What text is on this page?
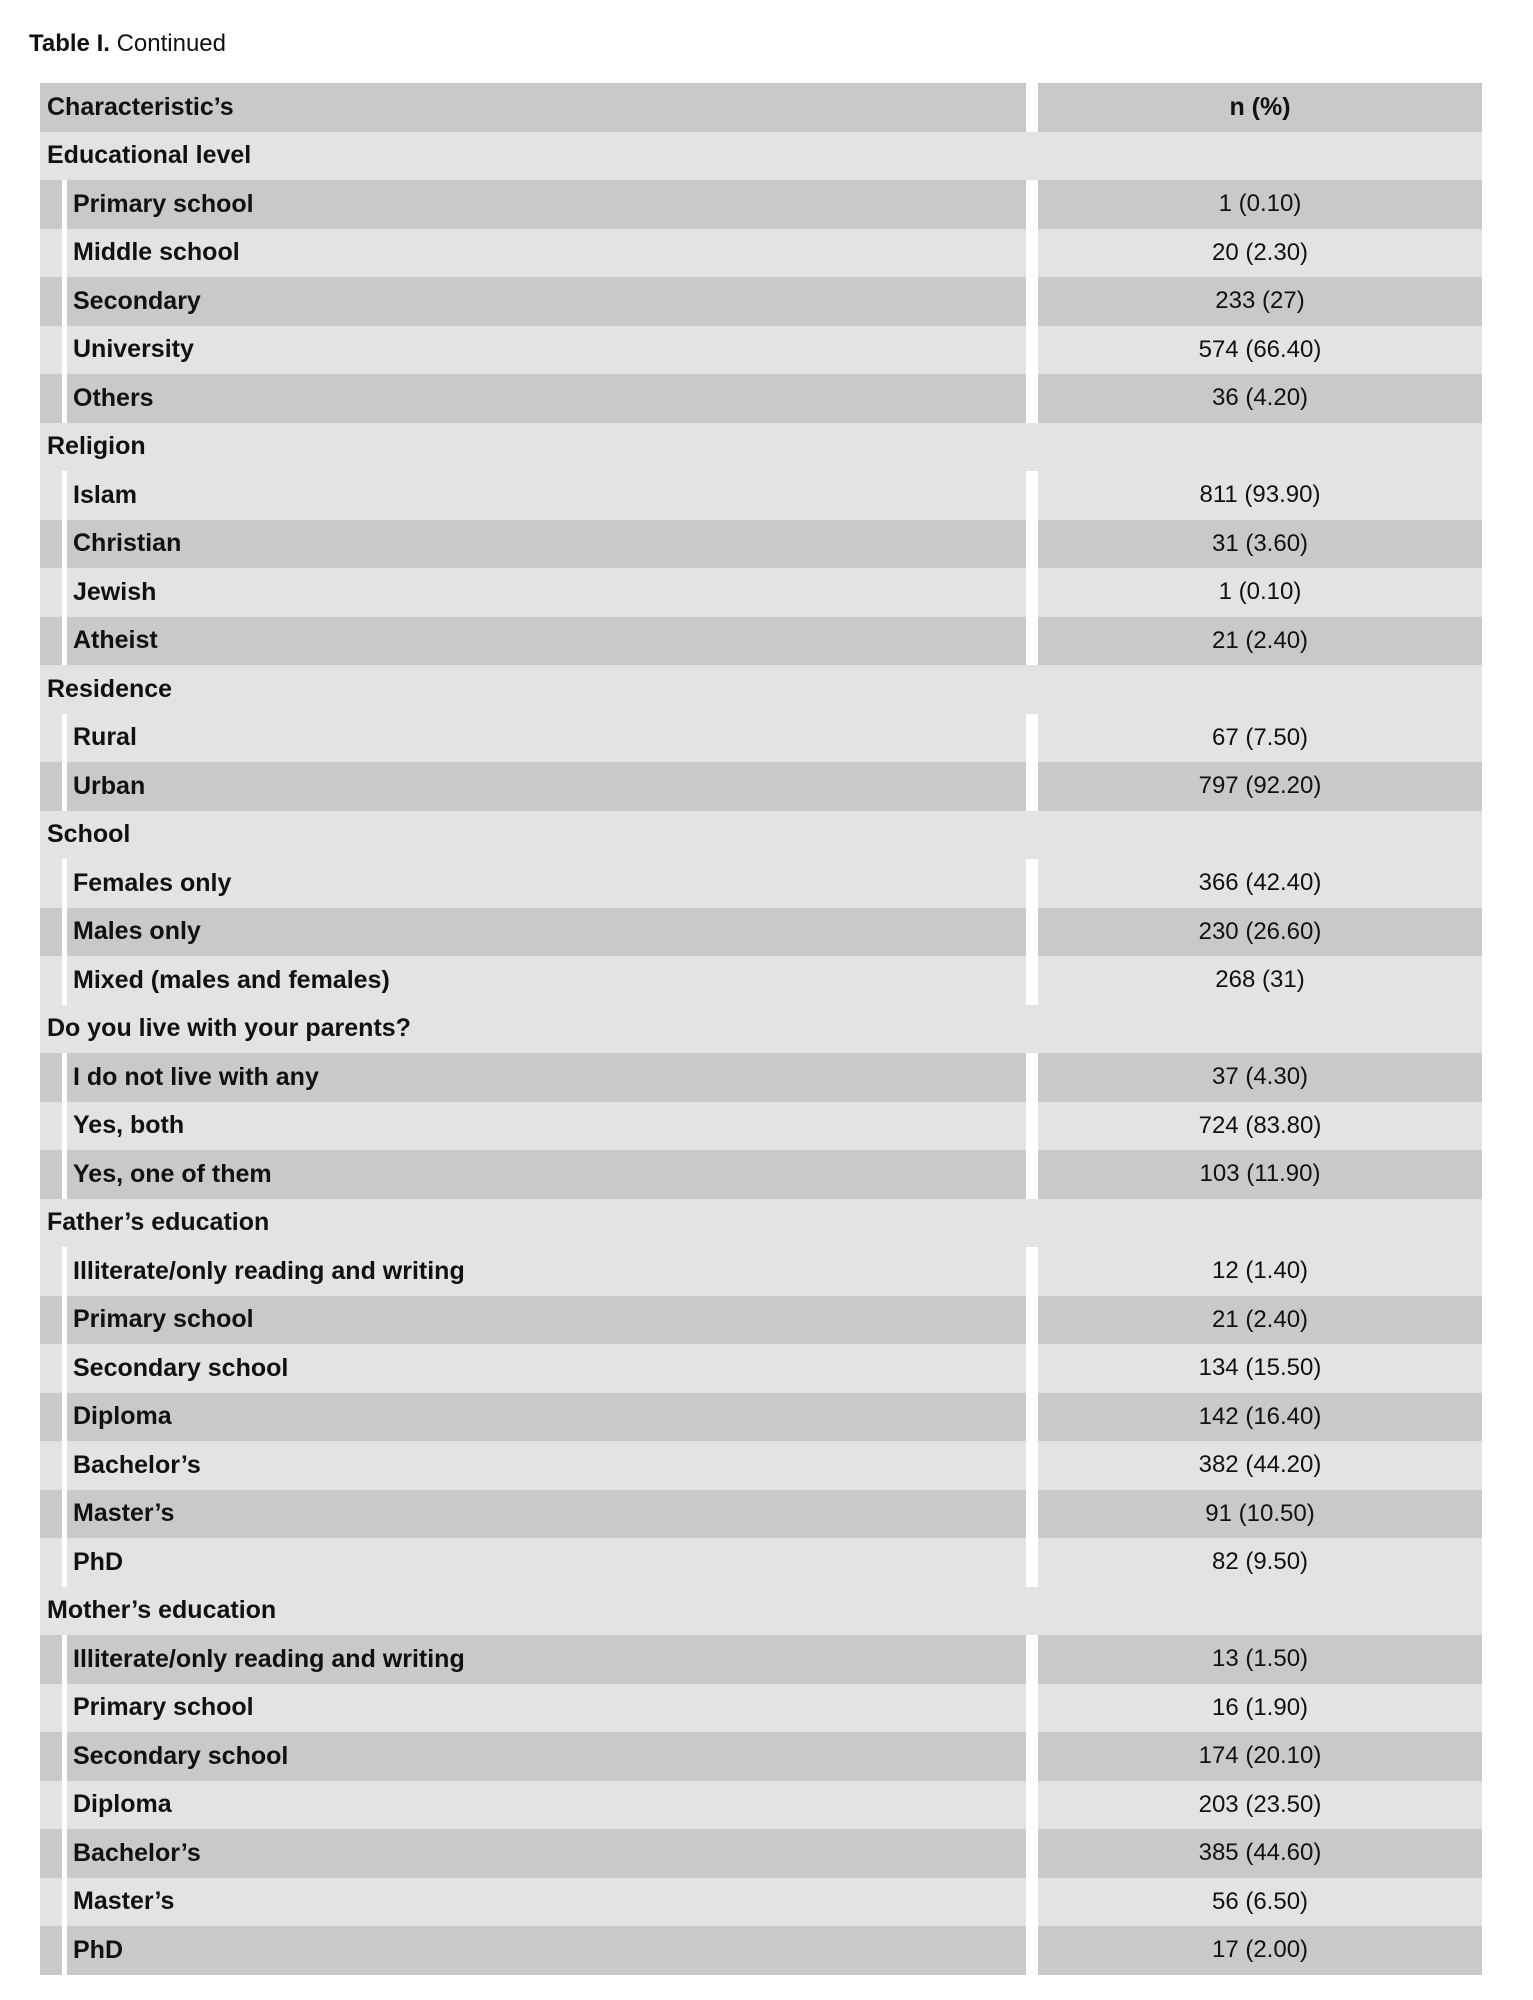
Table I. Continued
Characteristic’s	n (%)
Educational level
Primary school	1 (0.10)
Middle school	20 (2.30)
Secondary	233 (27)
University	574 (66.40)
Others	36 (4.20)
Religion
Islam	811 (93.90)
Christian	31 (3.60)
Jewish	1 (0.10)
Atheist	21 (2.40)
Residence
Rural	67 (7.50)
Urban	797 (92.20)
School
Females only	366 (42.40)
Males only	230 (26.60)
Mixed (males and females)	268 (31)
Do you live with your parents?
I do not live with any	37 (4.30)
Yes, both	724 (83.80)
Yes, one of them	103 (11.90)
Father’s education
Illiterate/only reading and writing	12 (1.40)
Primary school	21 (2.40)
Secondary school	134 (15.50)
Diploma	142 (16.40)
Bachelor’s	382 (44.20)
Master’s	91 (10.50)
PhD	82 (9.50)
Mother’s education
Illiterate/only reading and writing	13 (1.50)
Primary school	16 (1.90)
Secondary school	174 (20.10)
Diploma	203 (23.50)
Bachelor’s	385 (44.60)
Master’s	56 (6.50)
PhD	17 (2.00)
